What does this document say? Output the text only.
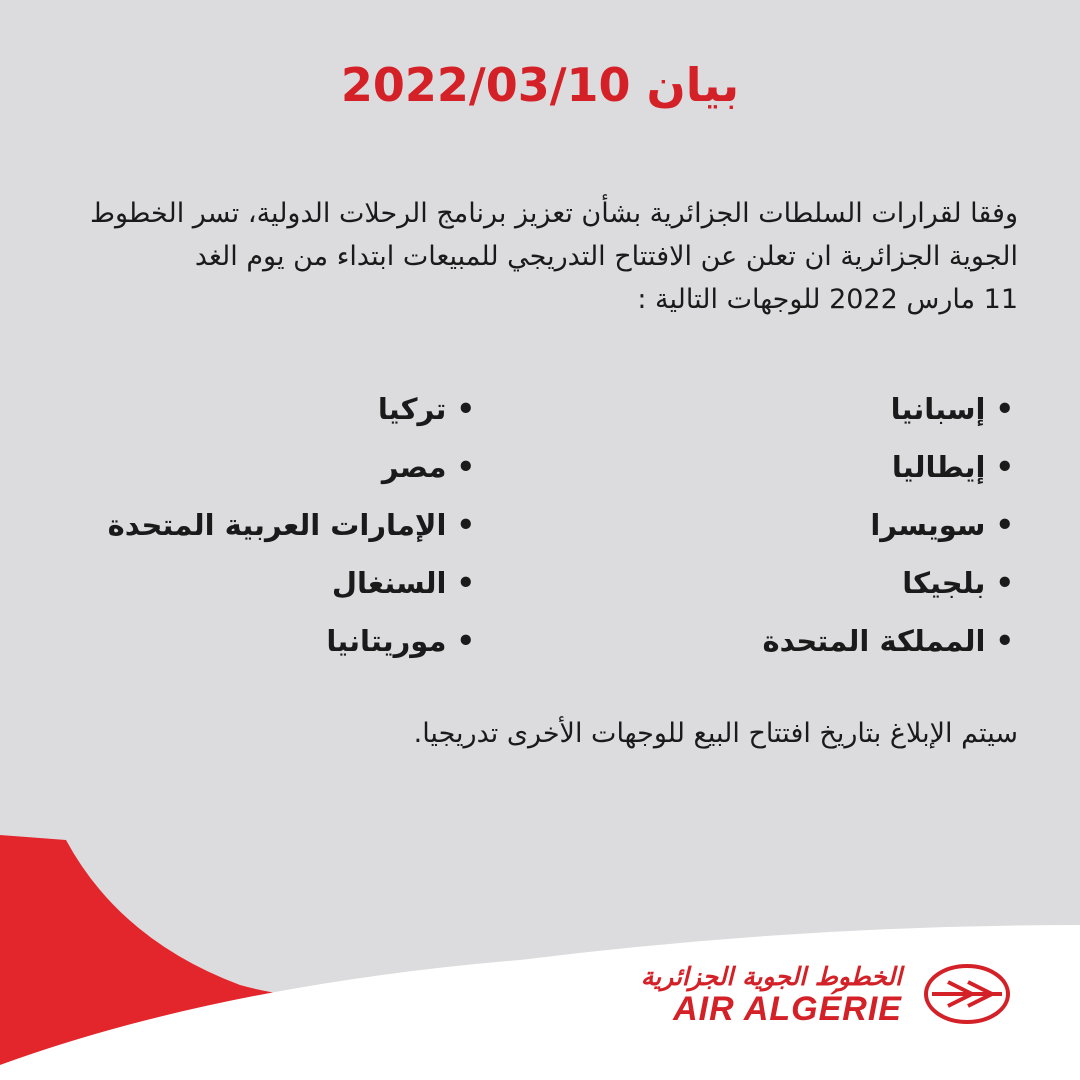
بيان 2022/03/10
وفقا لقرارات السلطات الجزائرية بشأن تعزيز برنامج الرحلات الدولية، تسر الخطوط
الجوية الجزائرية ان تعلن عن الافتتاح التدريجي للمبيعات ابتداء من يوم الغد
11 مارس 2022 للوجهات التالية :
•إسبانيا
•إيطاليا
•سويسرا
•بلجيكا
•المملكة المتحدة
•تركيا
•مصر
•الإمارات العربية المتحدة
•السنغال
•موريتانيا
سيتم الإبلاغ بتاريخ افتتاح البيع للوجهات الأخرى تدريجيا.
الخطوط الجوية الجزائرية
AIR ALGÉRIE
